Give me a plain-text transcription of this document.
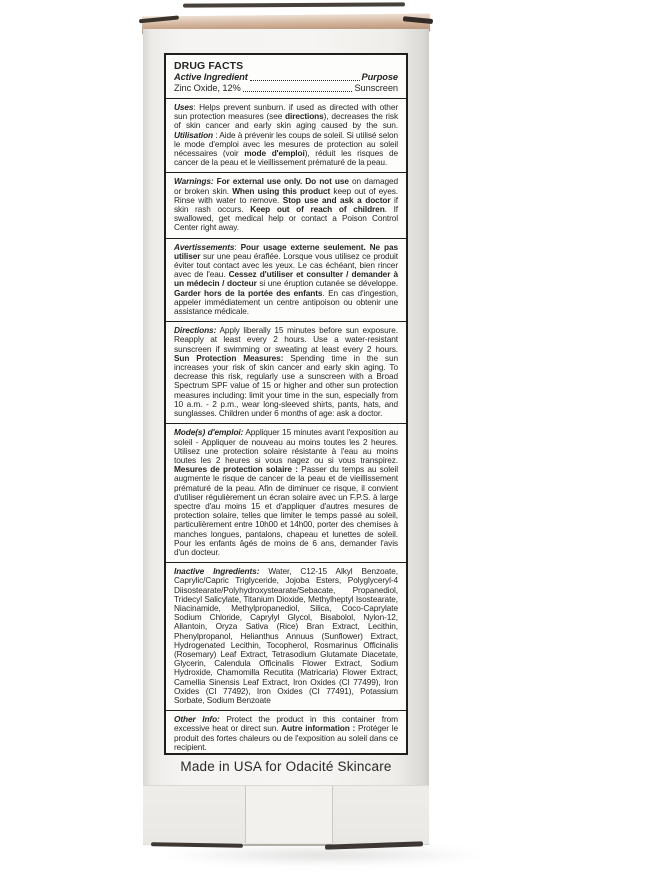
DRUG FACTS
Active Ingredient	Purpose
Zinc Oxide, 12%	Sunscreen
Uses: Helps prevent sunburn. if used as directed with other sun protection measures (see directions), decreases the risk of skin cancer and early skin aging caused by the sun. Utilisation : Aide à prévenir les coups de soleil. Si utilisé selon le mode d'emploi avec les mesures de protection au soleil nécessaires (voir mode d'emploi), réduit les risques de cancer de la peau et le vieillissement prématuré de la peau.
Warnings: For external use only. Do not use on damaged or broken skin. When using this product keep out of eyes. Rinse with water to remove. Stop use and ask a doctor if skin rash occurs. Keep out of reach of children. If swallowed, get medical help or contact a Poison Control Center right away.
Avertissements: Pour usage externe seulement. Ne pas utiliser sur une peau éraflée. Lorsque vous utilisez ce produit éviter tout contact avec les yeux. Le cas échéant, bien rincer avec de l'eau. Cessez d'utiliser et consulter / demander à un médecin / docteur si une éruption cutanée se développe. Garder hors de la portée des enfants. En cas d'ingestion, appeler immédiatement un centre antipoison ou obtenir une assistance médicale.
Directions: Apply liberally 15 minutes before sun exposure. Reapply at least every 2 hours. Use a water-resistant sunscreen if swimming or sweating at least every 2 hours. Sun Protection Measures: Spending time in the sun increases your risk of skin cancer and early skin aging. To decrease this risk, regularly use a sunscreen with a Broad Spectrum SPF value of 15 or higher and other sun protection measures including: limit your time in the sun, especially from 10 a.m. - 2 p.m., wear long-sleeved shirts, pants, hats, and sunglasses. Children under 6 months of age: ask a doctor.
Mode(s) d'emploi: Appliquer 15 minutes avant l'exposition au soleil - Appliquer de nouveau au moins toutes les 2 heures. Utilisez une protection solaire résistante à l'eau au moins toutes les 2 heures si vous nagez ou si vous transpirez. Mesures de protection solaire : Passer du temps au soleil augmente le risque de cancer de la peau et de vieillissement prématuré de la peau. Afin de diminuer ce risque, il convient d'utiliser régulièrement un écran solaire avec un F.P.S. à large spectre d'au moins 15 et d'appliquer d'autres mesures de protection solaire, telles que limiter le temps passé au soleil, particulièrement entre 10h00 et 14h00, porter des chemises à manches longues, pantalons, chapeau et lunettes de soleil. Pour les enfants âgés de moins de 6 ans, demander l'avis d'un docteur.
Inactive Ingredients: Water, C12-15 Alkyl Benzoate, Caprylic/Capric Triglyceride, Jojoba Esters, Polyglyceryl-4 Diisostearate/Polyhydroxystearate/Sebacate, Propanediol, Tridecyl Salicylate, Titanium Dioxide, Methylheptyl Isostearate, Niacinamide, Methylpropanediol, Silica, Coco-Caprylate Sodium Chloride, Caprylyl Glycol, Bisabolol, Nylon-12, Allantoin, Oryza Sativa (Rice) Bran Extract, Lecithin, Phenylpropanol, Helianthus Annuus (Sunflower) Extract, Hydrogenated Lecithin, Tocopherol, Rosmarinus Officinalis (Rosemary) Leaf Extract, Tetrasodium Glutamate Diacetate, Glycerin, Calendula Officinalis Flower Extract, Sodium Hydroxide, Chamomilla Recutita (Matricaria) Flower Extract, Camellia Sinensis Leaf Extract, Iron Oxides (CI 77499), Iron Oxides (CI 77492), Iron Oxides (CI 77491), Potassium Sorbate, Sodium Benzoate
Other Info: Protect the product in this container from excessive heat or direct sun. Autre information : Protéger le produit des fortes chaleurs ou de l'exposition au soleil dans ce recipient.
Made in USA for Odacité Skincare
